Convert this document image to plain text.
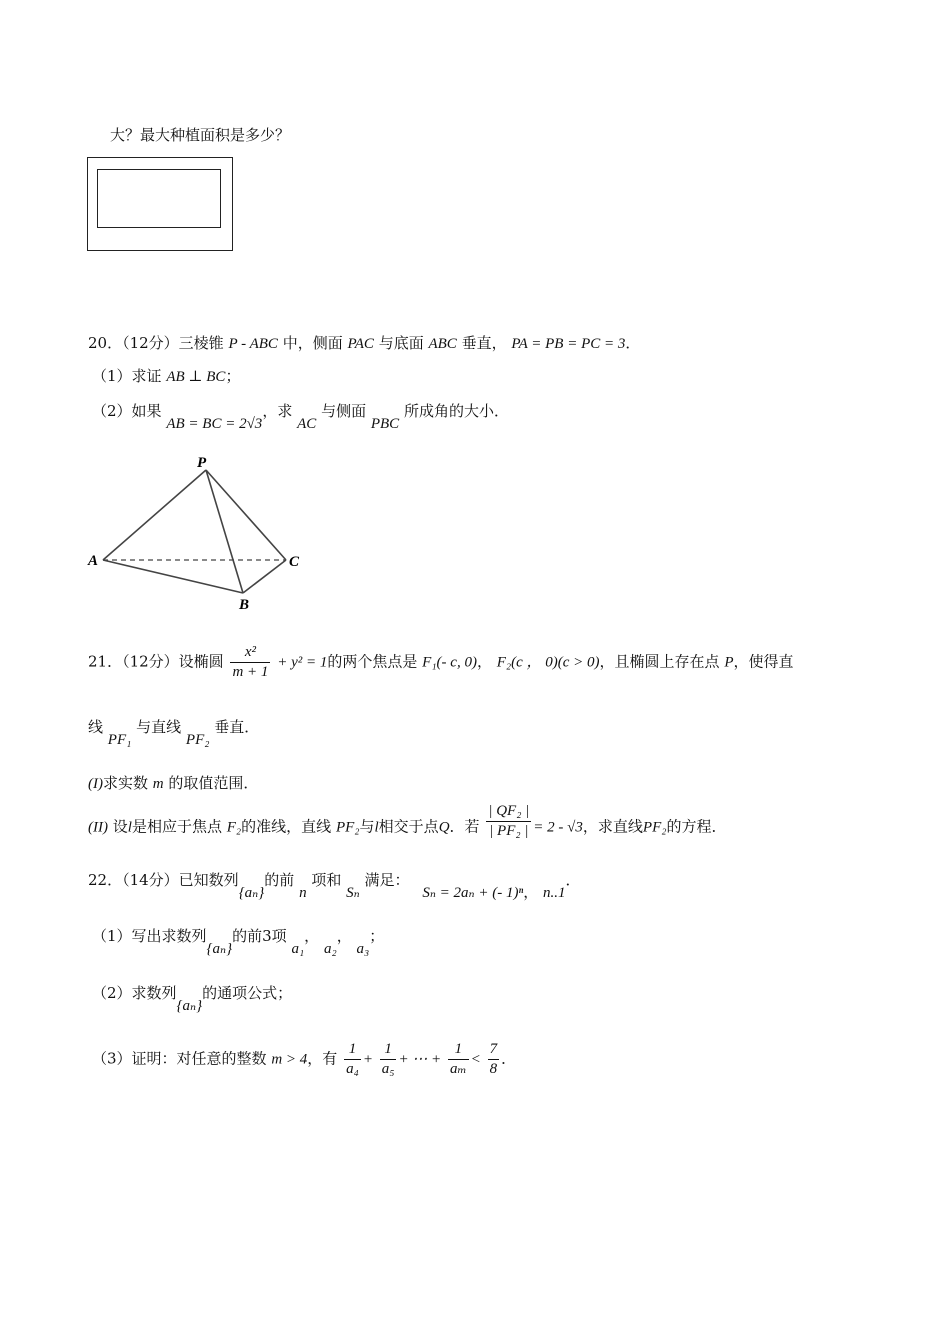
大？最大种植面积是多少？
20．（12分）三棱锥 P - ABC 中，侧面 PAC 与底面 ABC 垂直， PA = PB = PC = 3．
（1）求证 AB ⊥ BC；
（2）如果 AB = BC = 2√3，求 AC 与侧面 PBC 所成角的大小．
P
A
B
C
21．（12分）设椭圆 $\frac{\text{x²}}{m + 1} + y^2 = 1$的两个焦点是 F₁(- c, 0)， F₂(c ， 0)(c > 0)，且椭圆上存在点 P，使得直
线 PF₁ 与直线 PF₂ 垂直．
(I)求实数 m 的取值范围．
(II) 设l是相应于焦点 F₂的准线，直线 PF₂与l相交于点Q．若 $\frac{\text{| QF₂ |}}{\text{| PF₂ |}} = 2 - √3$，求直线PF₂的方程．
22．（14分）已知数列{aₙ}的前 n 项和 Sₙ 满足： Sₙ = 2aₙ + (- 1)ⁿ， n..1．
（1）写出求数列{aₙ}的前3项 a₁， a₂， a₃；
（2）求数列{aₙ}的通项公式；
（3）证明：对任意的整数 m > 4，有 $\frac{1}{\text{a₄}} + \frac{1}{\text{a₅}}$ + ⋯ + $\frac{1}{\text{aₘ}} < \frac{7}{8}$ ．
